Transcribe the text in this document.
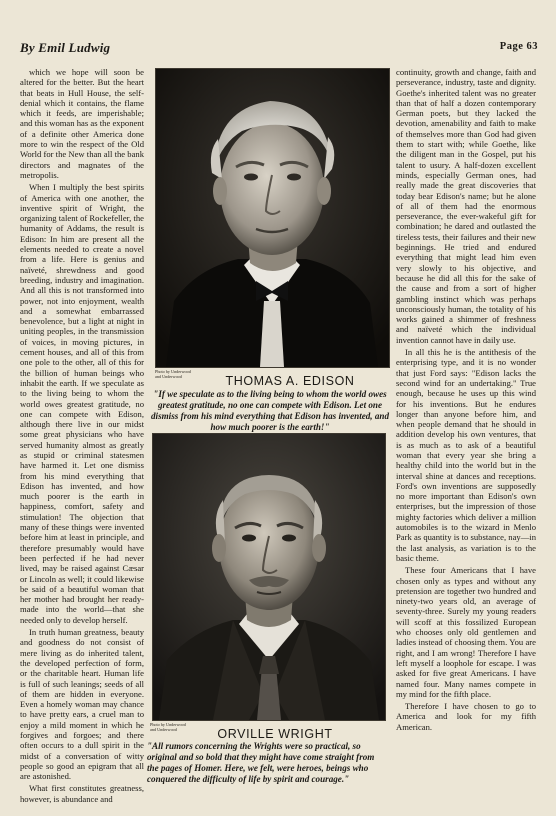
By Emil Ludwig	Page 63

which we hope will soon be altered for the better. But the heart that beats in Hull House, the self-denial which it contains, the flame which it feeds, are imperishable; and this woman has as the exponent of a definite other America done more to win the respect of the Old World for the New than all the bank directors and magnates of the metropolis.

When I multiply the best spirits of America with one another, the inventive spirit of Wright, the organizing talent of Rockefeller, the humanity of Addams, the result is Edison: In him are present all the elements needed to create a novel from a life. Here is genius and naïveté, shrewdness and good breeding, industry and imagination. And all this is not transformed into power, not into enjoyment, wealth and a somewhat embarrassed benevolence, but a light at night in uniting peoples, in the transmission of voices, in moving pictures, in cement houses, and all of this from one pole to the other, all of this for the billion of human beings who inhabit the earth. If we speculate as to the living being to whom the world owes greatest gratitude, no one can compete with Edison, although there live in our midst some great physicians who have served humanity almost as greatly as stupid or criminal statesmen have harmed it. Let one dismiss from his mind everything that Edison has invented, and how much poorer is the earth in happiness, comfort, safety and stimulation! The objection that many of these things were invented before him at least in principle, and therefore presumably would have been perfected if he had never lived, may be raised against Cæsar or Lincoln as well; it could likewise be said of a beautiful woman that her mother had brought her ready-made into the world—that she needed only to develop herself.

In truth human greatness, beauty and goodness do not consist of mere living as do inherited talent, the developed perfection of form, or the charitable heart. Human life is full of such leanings; seeds of all of them are hidden in everyone. Even a homely woman may chance to have pretty ears, a cruel man to enjoy a mild moment in which he forgives and forgoes; and there often occurs to a dull spirit in the midst of a conversation of witty people so good an epigram that all are astonished.

What first constitutes greatness, however, is abundance and

Photo by Underwood and Underwood	THOMAS A. EDISON
"If we speculate as to the living being to whom the world owes greatest gratitude, no one can compete with Edison. Let one dismiss from his mind everything that Edison has invented, and how much poorer is the earth!"
Photo by Underwood and Underwood	ORVILLE WRIGHT
"All rumors concerning the Wrights were so practical, so original and so bold that they might have come straight from the pages of Homer. Here, we felt, were heroes, beings who conquered the difficulty of life by spirit and courage."

continuity, growth and change, faith and perseverance, industry, taste and dignity. Goethe's inherited talent was no greater than that of half a dozen contemporary German poets, but they lacked the devotion, amenability and faith to make of themselves more than God had given them to start with; while Goethe, like the diligent man in the Gospel, put his talent to usury. A half-dozen excellent minds, especially German ones, had really made the great discoveries that today bear Edison's name; but he alone of all of them had the enormous perseverance, the ever-wakeful gift for combination; he dared and outlasted the tireless tests, their failures and their new beginnings. He tried and endured everything that might lead him even very slowly to his objective, and because he did all this for the sake of the cause and from a sort of higher gambling instinct which was perhaps unconsciously human, the totality of his works gained a shimmer of freshness and naïveté which the individual invention cannot have in daily use.

In all this he is the antithesis of the enterprising type, and it is no wonder that just Ford says: "Edison lacks the second wind for an undertaking." True enough, because he uses up this wind for his inventions. But he endures longer than anyone before him, and when people demand that he should in addition develop his own ventures, that is as much as to ask of a beautiful woman that every year she bring a healthy child into the world but in the interval shine at dances and receptions. Ford's own inventions are supposedly no more important than Edison's own enterprises, but the impression of those mighty factories which deliver a million automobiles is to the wizard in Menlo Park as quantity is to substance, nay—in the last analysis, as variation is to the basic theme.

These four Americans that I have chosen only as types and without any pretension are together two hundred and ninety-two years old, an average of seventy-three. Surely my young readers will scoff at this fossilized European who chooses only old gentlemen and ladies instead of choosing them. You are right, and I am wrong! Therefore I have left myself a loophole for escape. I was asked for five great Americans. I have named four. Many names compete in my mind for the fifth place.

Therefore I have chosen to go to America and look for my fifth American.
